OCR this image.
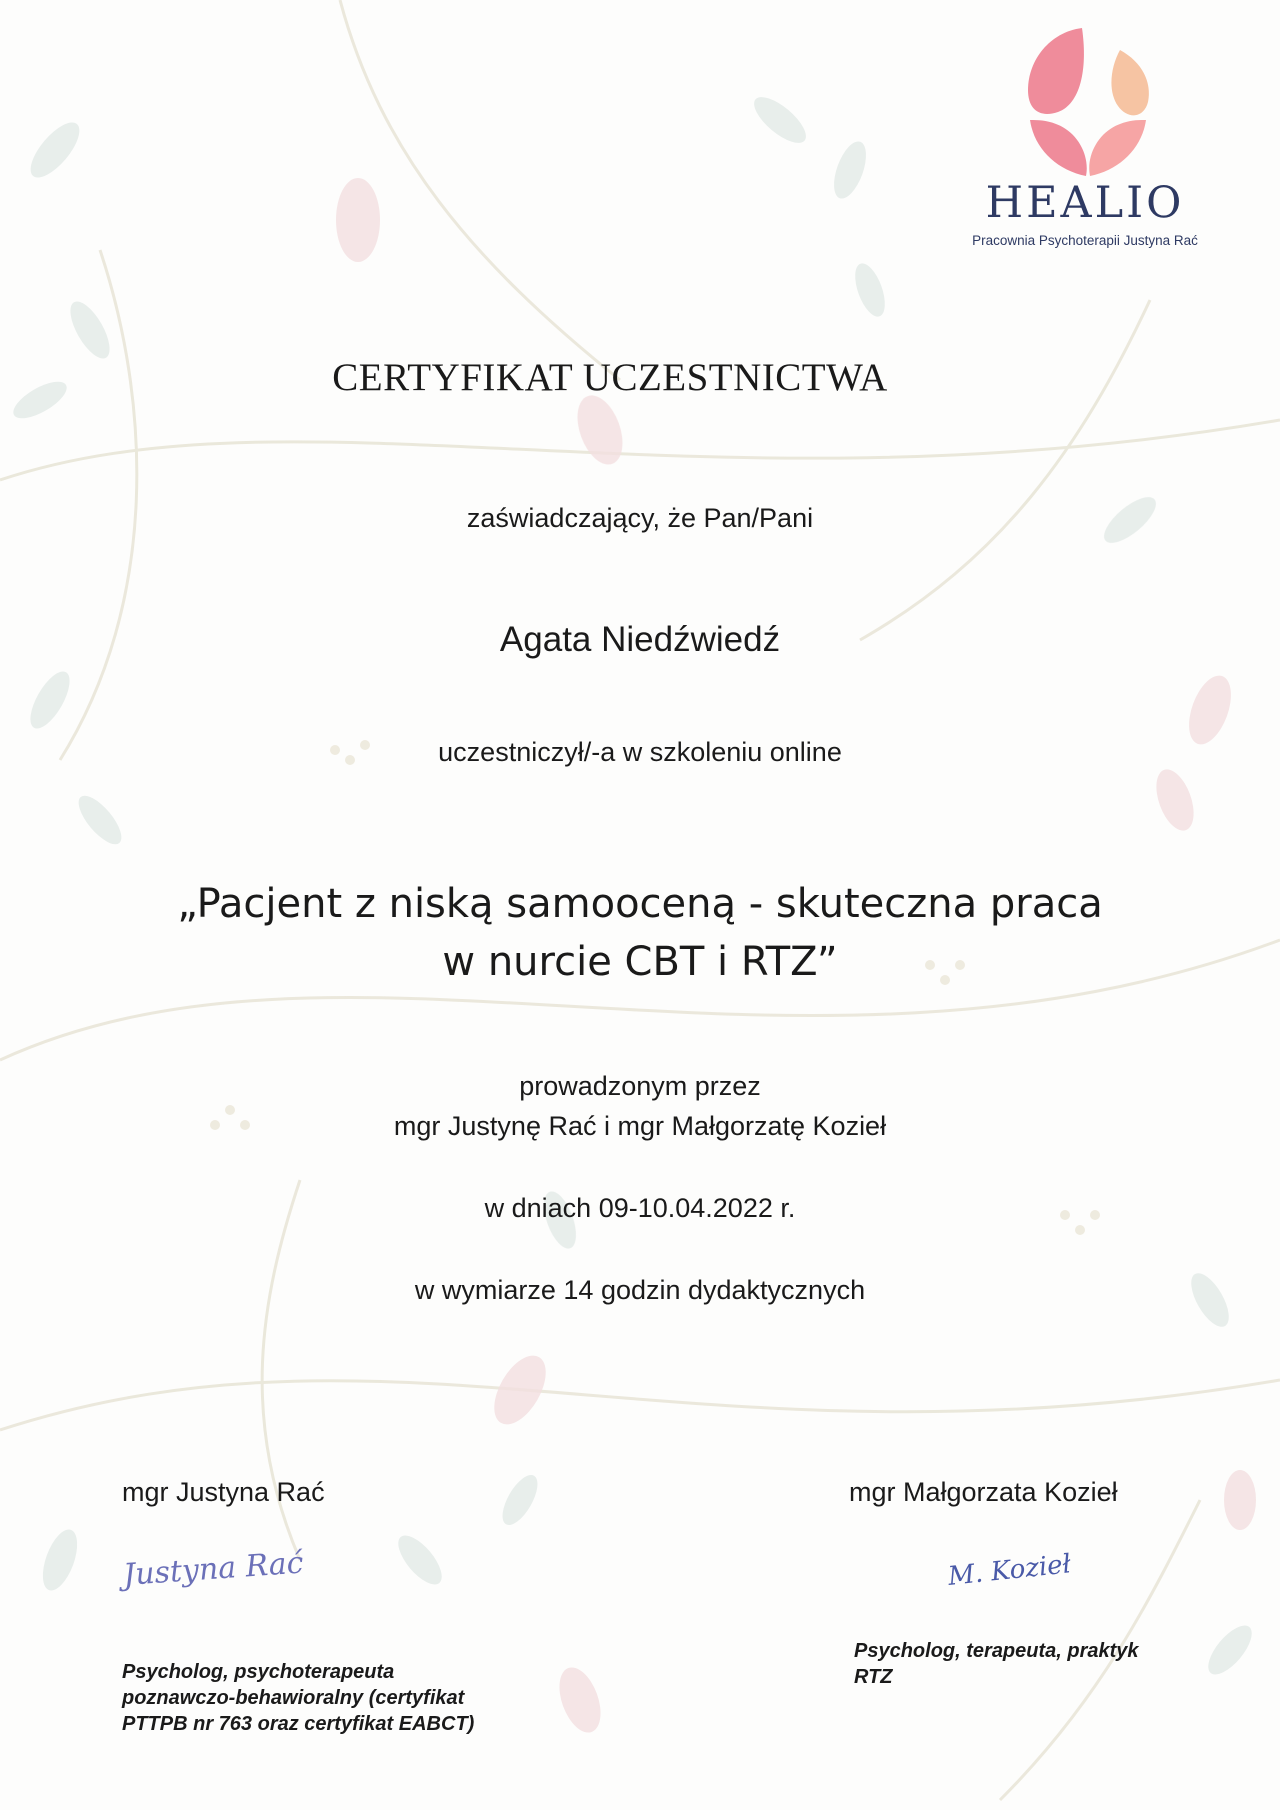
HEALIO
Pracownia Psychoterapii Justyna Rać
CERTYFIKAT UCZESTNICTWA
zaświadczający, że Pan/Pani
Agata Niedźwiedź
uczestniczył/-a w szkoleniu online
„Pacjent z niską samooceną - skuteczna praca
w nurcie CBT i RTZ”
prowadzonym przez
mgr Justynę Rać i mgr Małgorzatę Kozieł
w dniach 09-10.04.2022 r.
w wymiarze 14 godzin dydaktycznych
mgr Justyna Rać
Justyna Rać
Psycholog, psychoterapeuta
poznawczo-behawioralny (certyfikat
PTTPB nr 763 oraz certyfikat EABCT)
mgr Małgorzata Kozieł
M. Kozieł
Psycholog, terapeuta, praktyk
RTZ
